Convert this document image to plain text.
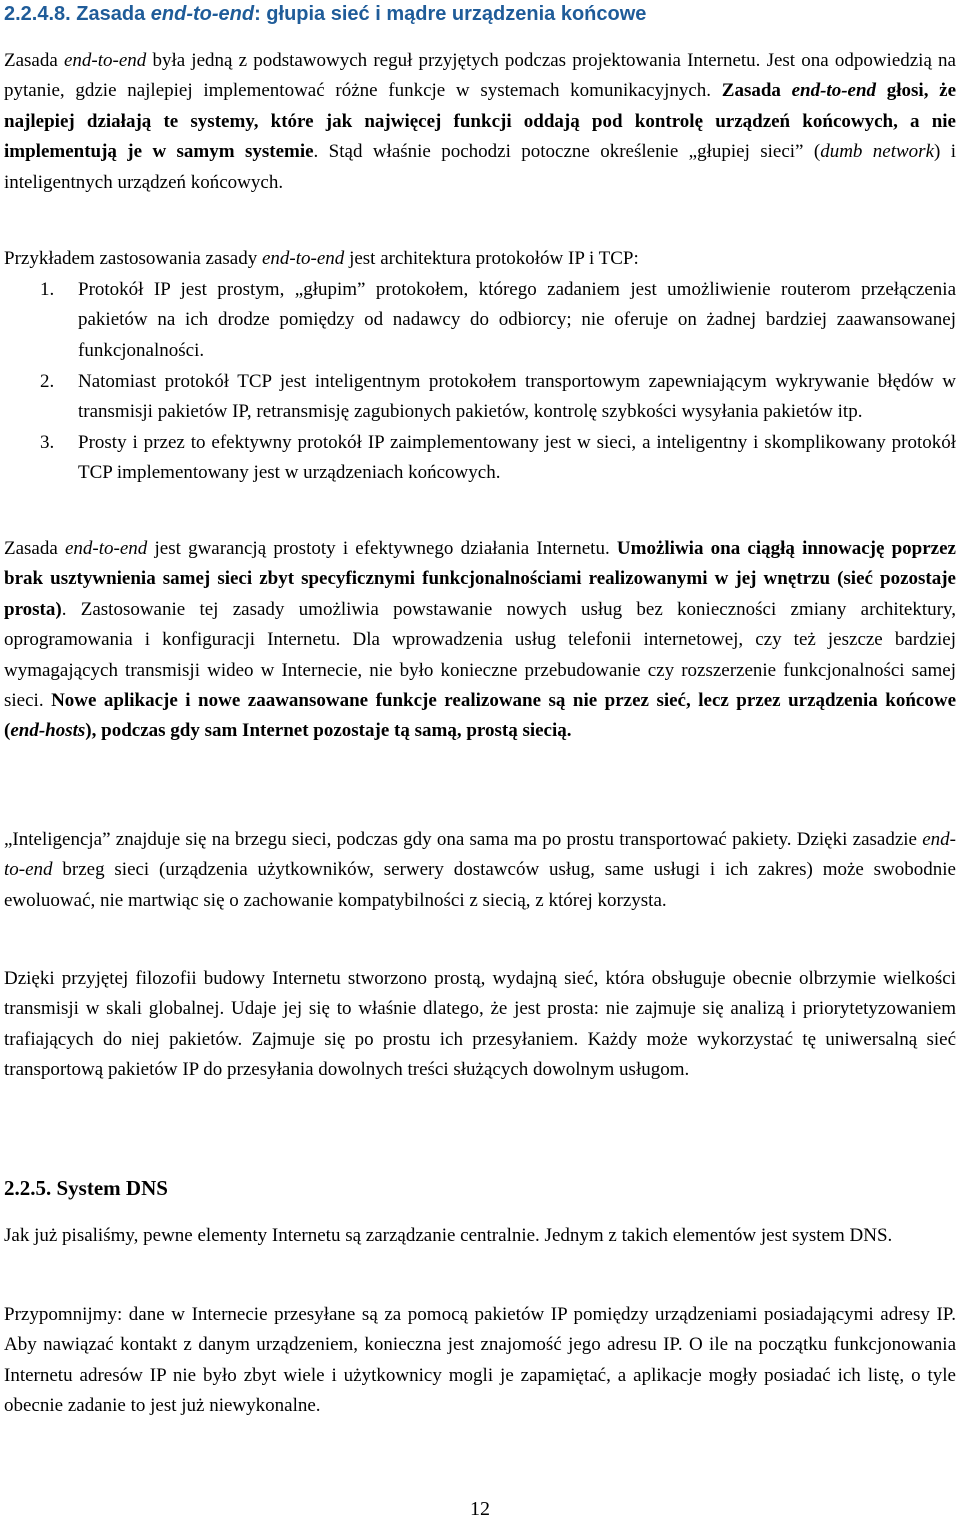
2.2.4.8. Zasada end-to-end: głupia sieć i mądre urządzenia końcowe

Zasada end-to-end była jedną z podstawowych reguł przyjętych podczas projektowania Internetu. Jest ona odpowiedzią na pytanie, gdzie najlepiej implementować różne funkcje w systemach komunikacyjnych. Zasada end-to-end głosi, że najlepiej działają te systemy, które jak najwięcej funkcji oddają pod kontrolę urządzeń końcowych, a nie implementują je w samym systemie. Stąd właśnie pochodzi potoczne określenie „głupiej sieci” (dumb network) i inteligentnych urządzeń końcowych.

Przykładem zastosowania zasady end-to-end jest architektura protokołów IP i TCP:

1. Protokół IP jest prostym, „głupim” protokołem, którego zadaniem jest umożliwienie routerom przełączenia pakietów na ich drodze pomiędzy od nadawcy do odbiorcy; nie oferuje on żadnej bardziej zaawansowanej funkcjonalności.
2. Natomiast protokół TCP jest inteligentnym protokołem transportowym zapewniającym wykrywanie błędów w transmisji pakietów IP, retransmisję zagubionych pakietów, kontrolę szybkości wysyłania pakietów itp.
3. Prosty i przez to efektywny protokół IP zaimplementowany jest w sieci, a inteligentny i skomplikowany protokół TCP implementowany jest w urządzeniach końcowych.

Zasada end-to-end jest gwarancją prostoty i efektywnego działania Internetu. Umożliwia ona ciągłą innowację poprzez brak usztywnienia samej sieci zbyt specyficznymi funkcjonalnościami realizowanymi w jej wnętrzu (sieć pozostaje prosta). Zastosowanie tej zasady umożliwia powstawanie nowych usług bez konieczności zmiany architektury, oprogramowania i konfiguracji Internetu. Dla wprowadzenia usług telefonii internetowej, czy też jeszcze bardziej wymagających transmisji wideo w Internecie, nie było konieczne przebudowanie czy rozszerzenie funkcjonalności samej sieci. Nowe aplikacje i nowe zaawansowane funkcje realizowane są nie przez sieć, lecz przez urządzenia końcowe (end-hosts), podczas gdy sam Internet pozostaje tą samą, prostą siecią.

„Inteligencja” znajduje się na brzegu sieci, podczas gdy ona sama ma po prostu transportować pakiety. Dzięki zasadzie end-to-end brzeg sieci (urządzenia użytkowników, serwery dostawców usług, same usługi i ich zakres) może swobodnie ewoluować, nie martwiąc się o zachowanie kompatybilności z siecią, z której korzysta.

Dzięki przyjętej filozofii budowy Internetu stworzono prostą, wydajną sieć, która obsługuje obecnie olbrzymie wielkości transmisji w skali globalnej. Udaje jej się to właśnie dlatego, że jest prosta: nie zajmuje się analizą i priorytetyzowaniem trafiających do niej pakietów. Zajmuje się po prostu ich przesyłaniem. Każdy może wykorzystać tę uniwersalną sieć transportową pakietów IP do przesyłania dowolnych treści służących dowolnym usługom.

2.2.5. System DNS

Jak już pisaliśmy, pewne elementy Internetu są zarządzanie centralnie. Jednym z takich elementów jest system DNS.

Przypomnijmy: dane w Internecie przesyłane są za pomocą pakietów IP pomiędzy urządzeniami posiadającymi adresy IP. Aby nawiązać kontakt z danym urządzeniem, konieczna jest znajomość jego adresu IP. O ile na początku funkcjonowania Internetu adresów IP nie było zbyt wiele i użytkownicy mogli je zapamiętać, a aplikacje mogły posiadać ich listę, o tyle obecnie zadanie to jest już niewykonalne.

12
